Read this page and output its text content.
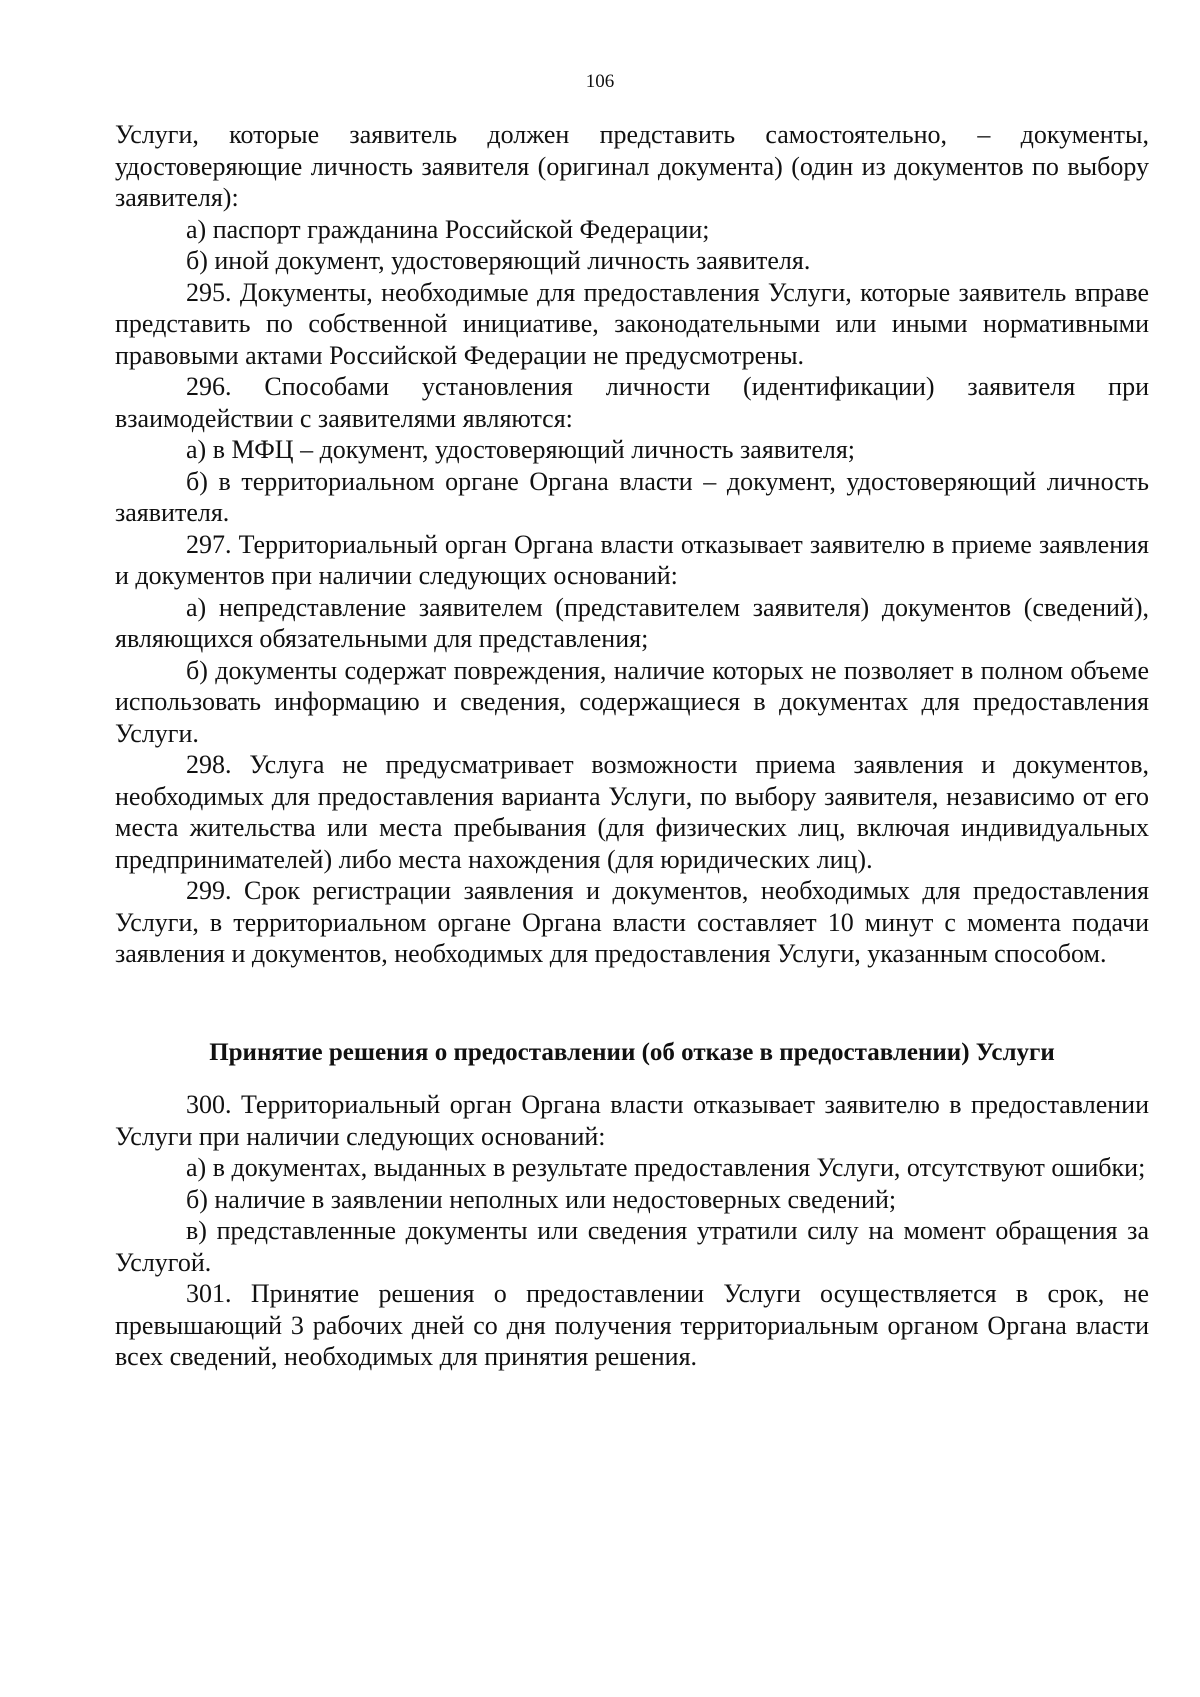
106

Услуги, которые заявитель должен представить самостоятельно, – документы, удостоверяющие личность заявителя (оригинал документа) (один из документов по выбору заявителя):

а) паспорт гражданина Российской Федерации;

б) иной документ, удостоверяющий личность заявителя.

295. Документы, необходимые для предоставления Услуги, которые заявитель вправе представить по собственной инициативе, законодательными или иными нормативными правовыми актами Российской Федерации не предусмотрены.

296. Способами установления личности (идентификации) заявителя при взаимодействии с заявителями являются:

а) в МФЦ – документ, удостоверяющий личность заявителя;

б) в территориальном органе Органа власти – документ, удостоверяющий личность заявителя.

297. Территориальный орган Органа власти отказывает заявителю в приеме заявления и документов при наличии следующих оснований:

а) непредставление заявителем (представителем заявителя) документов (сведений), являющихся обязательными для представления;

б) документы содержат повреждения, наличие которых не позволяет в полном объеме использовать информацию и сведения, содержащиеся в документах для предоставления Услуги.

298. Услуга не предусматривает возможности приема заявления и документов, необходимых для предоставления варианта Услуги, по выбору заявителя, независимо от его места жительства или места пребывания (для физических лиц, включая индивидуальных предпринимателей) либо места нахождения (для юридических лиц).

299. Срок регистрации заявления и документов, необходимых для предоставления Услуги, в территориальном органе Органа власти составляет 10 минут с момента подачи заявления и документов, необходимых для предоставления Услуги, указанным способом.

Принятие решения о предоставлении (об отказе в предоставлении) Услуги

300. Территориальный орган Органа власти отказывает заявителю в предоставлении Услуги при наличии следующих оснований:

а) в документах, выданных в результате предоставления Услуги, отсутствуют ошибки;

б) наличие в заявлении неполных или недостоверных сведений;

в) представленные документы или сведения утратили силу на момент обращения за Услугой.

301. Принятие решения о предоставлении Услуги осуществляется в срок, не превышающий 3 рабочих дней со дня получения территориальным органом Органа власти всех сведений, необходимых для принятия решения.
